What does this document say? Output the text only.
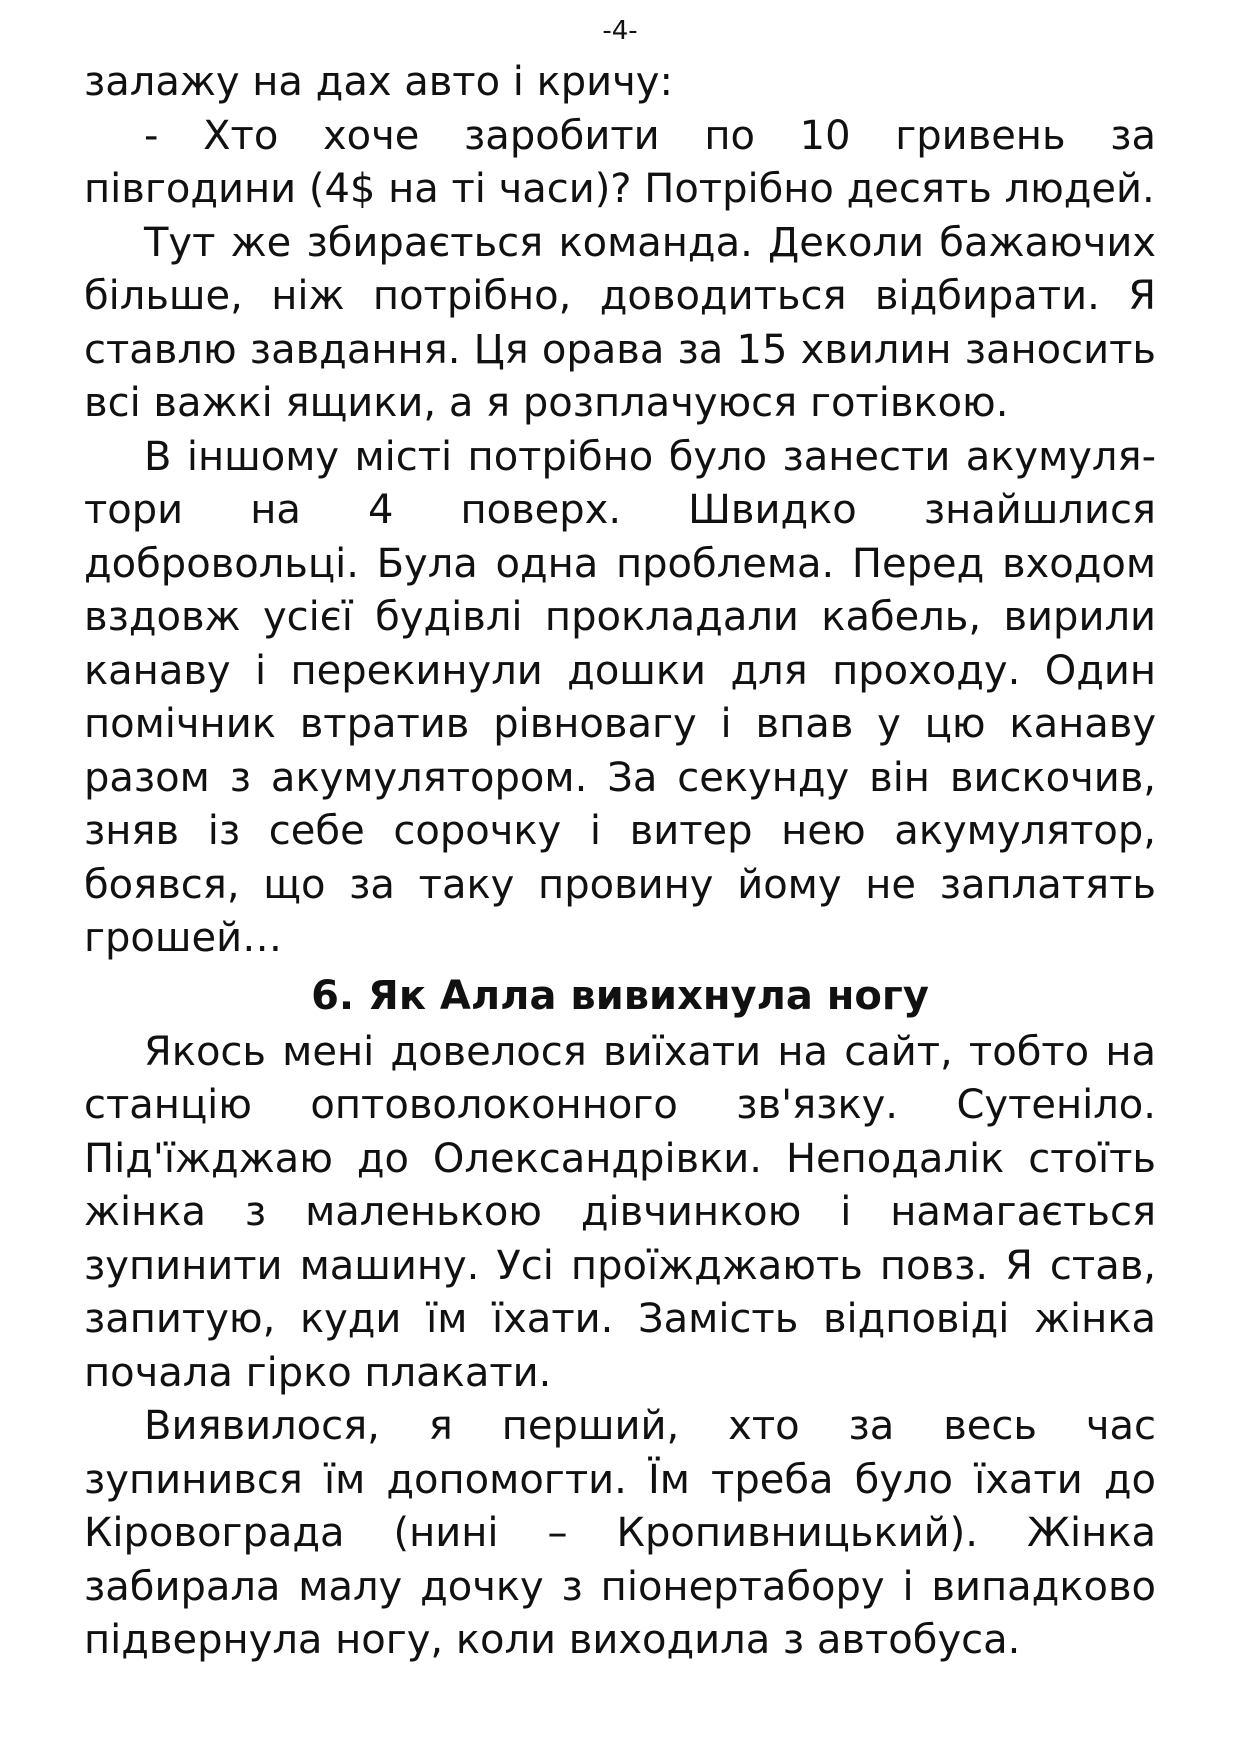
-4-

залажу на дах авто і кричу:

- Хто хоче заробити по 10 гривень за півгодини (4$ на ті часи)? Потрібно десять людей.

Тут же збирається команда. Деколи бажаючих більше, ніж потрібно, доводиться відбирати. Я ставлю завдання. Ця орава за 15 хвилин заносить всі важкі ящики, а я розплачуюся готівкою.

В іншому місті потрібно було занести акумулятори на 4 поверх. Швидко знайшлися добровольці. Була одна проблема. Перед входом вздовж усієї будівлі прокладали кабель, вирили канаву і перекинули дошки для проходу. Один помічник втратив рівновагу і впав у цю канаву разом з акумулятором. За секунду він вискочив, зняв із себе сорочку і витер нею акумулятор, боявся, що за таку провину йому не заплатять грошей…

6. Як Алла вивихнула ногу

Якось мені довелося виїхати на сайт, тобто на станцію оптоволоконного зв'язку. Сутеніло. Під'їжджаю до Олександрівки. Неподалік стоїть жінка з маленькою дівчинкою і намагається зупинити машину. Усі проїжджають повз. Я став, запитую, куди їм їхати. Замість відповіді жінка почала гірко плакати.

Виявилося, я перший, хто за весь час зупинився їм допомогти. Їм треба було їхати до Кіровограда (нині – Кропивницький). Жінка забирала малу дочку з піонертабору і випадково підвернула ногу, коли виходила з автобуса.
